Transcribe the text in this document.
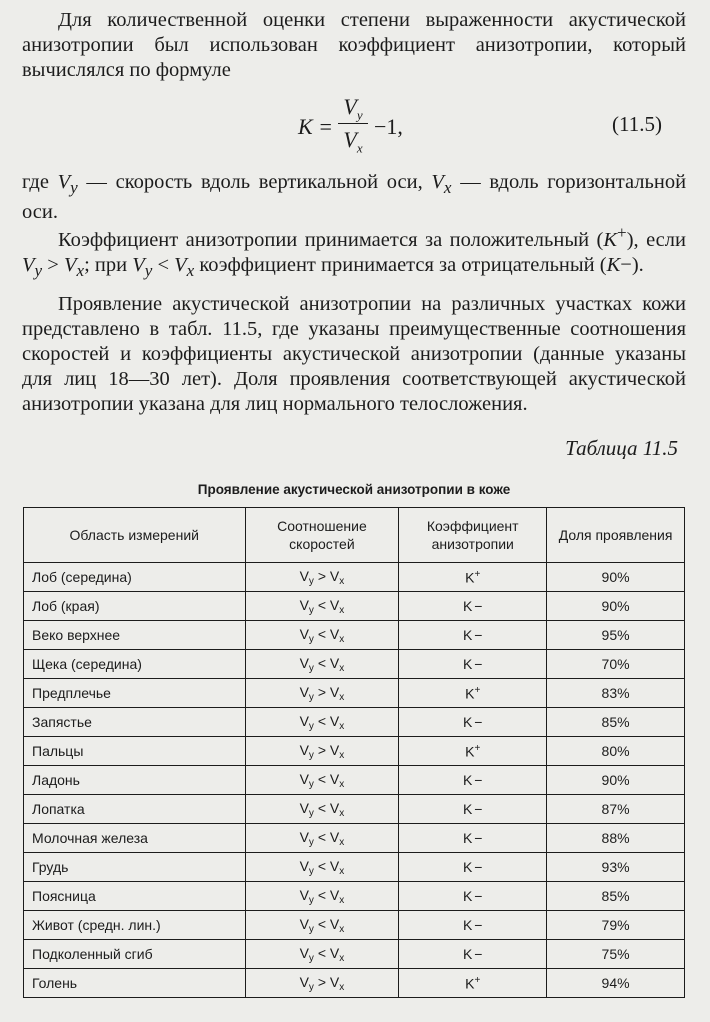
Для количественной оценки степени выраженности акустической анизотропии был использован коэффициент анизотропии, который вычислялся по формуле

K =
$V_y$
$V_x$
−1,	(11.5)

где $V_y$ — скорость вдоль вертикальной оси, $V_x$ — вдоль горизонтальной оси.

Коэффициент анизотропии принимается за положительный (K+), если $V_y > V_x$; при $V_y < V_x$ коэффициент принимается за отрицательный (K−).

Проявление акустической анизотропии на различных участках кожи представлено в табл. 11.5, где указаны преимущественные соотношения скоростей и коэффициенты акустической анизотропии (данные указаны для лиц 18—30 лет). Доля проявления соответствующей акустической анизотропии указана для лиц нормального телосложения.

Таблица 11.5
Проявление акустической анизотропии в коже
Область измерений	Соотношение скоростей	Коэффициент анизотропии	Доля проявления
Лоб (середина)	$V_y > V_x$	K+	90%
Лоб (края)	$V_y < V_x$	K −	90%
Веко верхнее	$V_y < V_x$	K −	95%
Щека (середина)	$V_y < V_x$	K −	70%
Предплечье	$V_y > V_x$	K+	83%
Запястье	$V_y < V_x$	K −	85%
Пальцы	$V_y > V_x$	K+	80%
Ладонь	$V_y < V_x$	K −	90%
Лопатка	$V_y < V_x$	K −	87%
Молочная железа	$V_y < V_x$	K −	88%
Грудь	$V_y < V_x$	K −	93%
Поясница	$V_y < V_x$	K −	85%
Живот (средн. лин.)	$V_y < V_x$	K −	79%
Подколенный сгиб	$V_y < V_x$	K −	75%
Голень	$V_y > V_x$	K+	94%
